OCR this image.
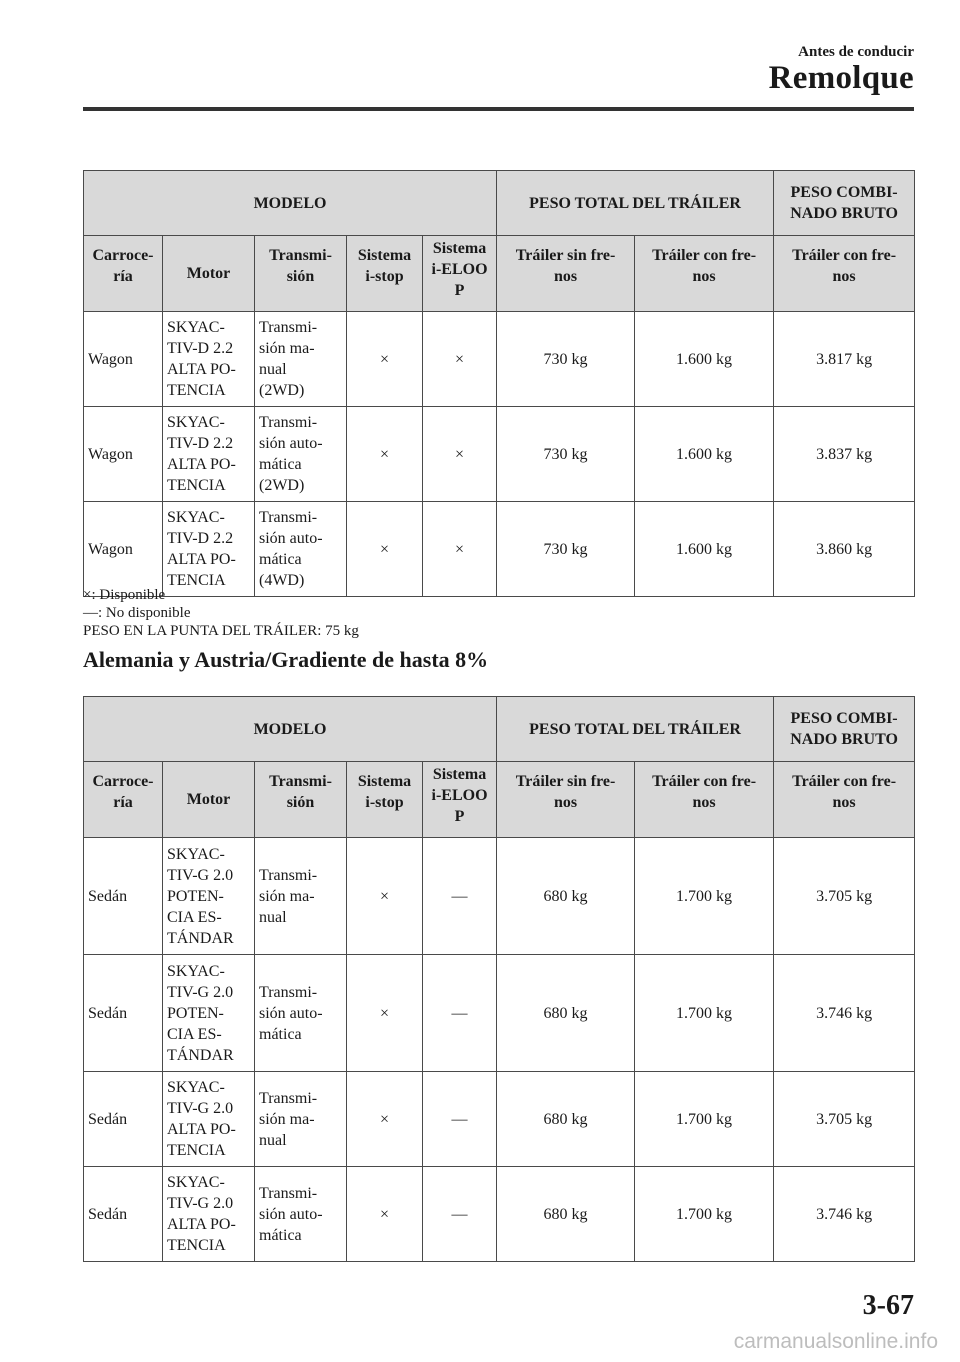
Antes de conducir
Remolque
MODELO					PESO TOTAL DEL TRÁILER		PESO COMBI-
NADO BRUTO
Carroce-
ría	Motor	Transmi-
sión	Sistema
i-stop	Sistema
i-ELOO
P	Tráiler sin fre-
nos	Tráiler con fre-
nos	Tráiler con fre-
nos
Wagon	SKYAC-
TIV-D 2.2
ALTA PO-
TENCIA	Transmi-
sión ma-
nual
(2WD)	×	×	730 kg	1.600 kg	3.817 kg
Wagon	SKYAC-
TIV-D 2.2
ALTA PO-
TENCIA	Transmi-
sión auto-
mática
(2WD)	×	×	730 kg	1.600 kg	3.837 kg
Wagon	SKYAC-
TIV-D 2.2
ALTA PO-
TENCIA	Transmi-
sión auto-
mática
(4WD)	×	×	730 kg	1.600 kg	3.860 kg
×: Disponible
―: No disponible
PESO EN LA PUNTA DEL TRÁILER: 75 kg
Alemania y Austria/Gradiente de hasta 8%
MODELO					PESO TOTAL DEL TRÁILER		PESO COMBI-
NADO BRUTO
Carroce-
ría	Motor	Transmi-
sión	Sistema
i-stop	Sistema
i-ELOO
P	Tráiler sin fre-
nos	Tráiler con fre-
nos	Tráiler con fre-
nos
Sedán	SKYAC-
TIV-G 2.0
POTEN-
CIA ES-
TÁNDAR	Transmi-
sión ma-
nual	×	―	680 kg	1.700 kg	3.705 kg
Sedán	SKYAC-
TIV-G 2.0
POTEN-
CIA ES-
TÁNDAR	Transmi-
sión auto-
mática	×	―	680 kg	1.700 kg	3.746 kg
Sedán	SKYAC-
TIV-G 2.0
ALTA PO-
TENCIA	Transmi-
sión ma-
nual	×	―	680 kg	1.700 kg	3.705 kg
Sedán	SKYAC-
TIV-G 2.0
ALTA PO-
TENCIA	Transmi-
sión auto-
mática	×	―	680 kg	1.700 kg	3.746 kg
3-67
carmanualsonline.info
